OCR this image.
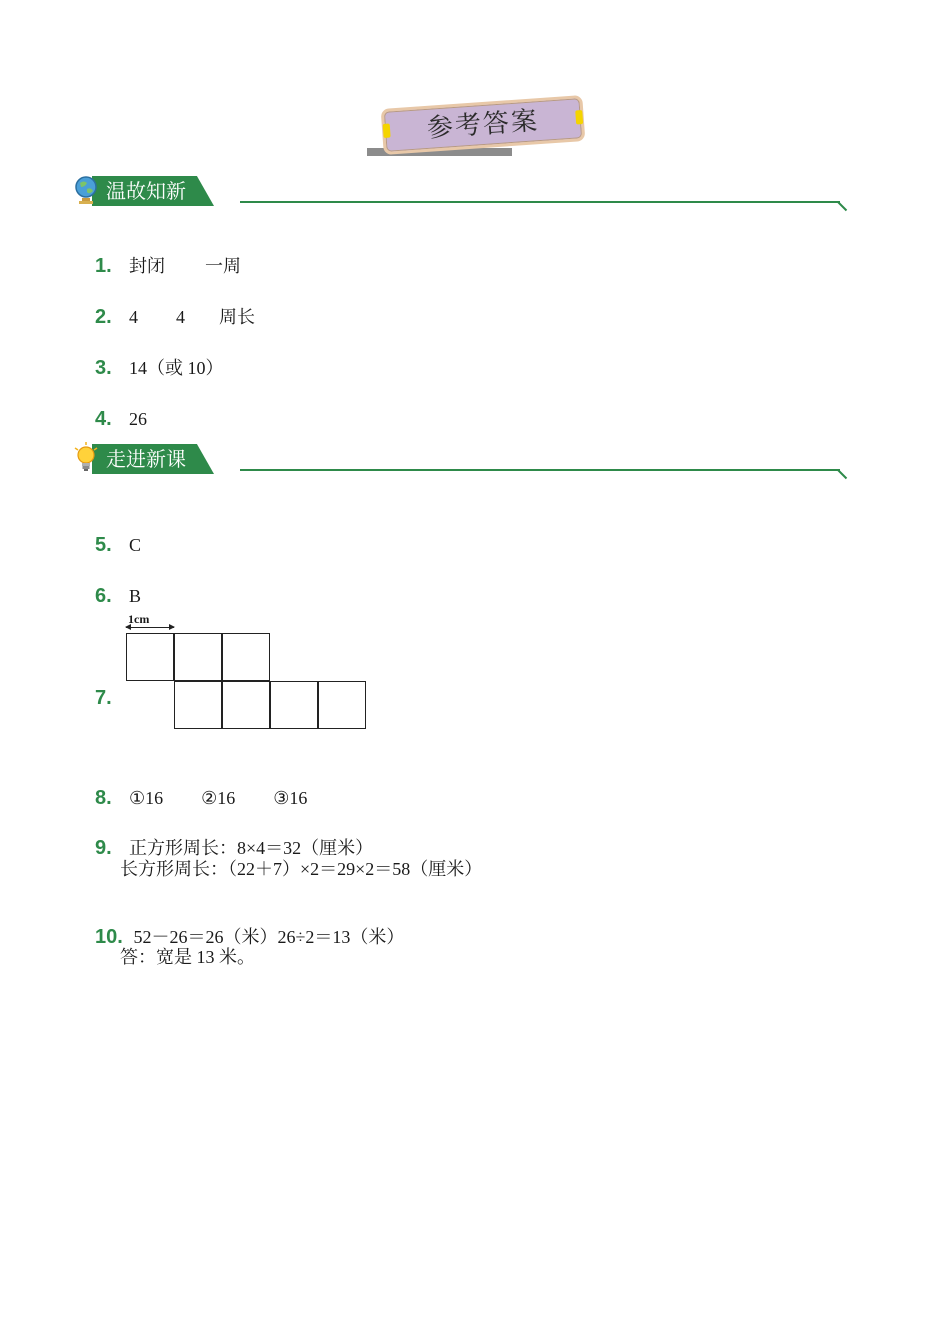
参考答案
温故知新

1. 封闭 一周

2. 4 4 周长

3. 14（或 10）

4. 26

走进新课

5. C

6. B

7.

1cm

8. ①16 ②16 ③16

9. 正方形周长：8×4＝32（厘米）

长方形周长：（22＋7）×2＝29×2＝58（厘米）

10. 52－26＝26（米）26÷2＝13（米）

答：宽是 13 米。
